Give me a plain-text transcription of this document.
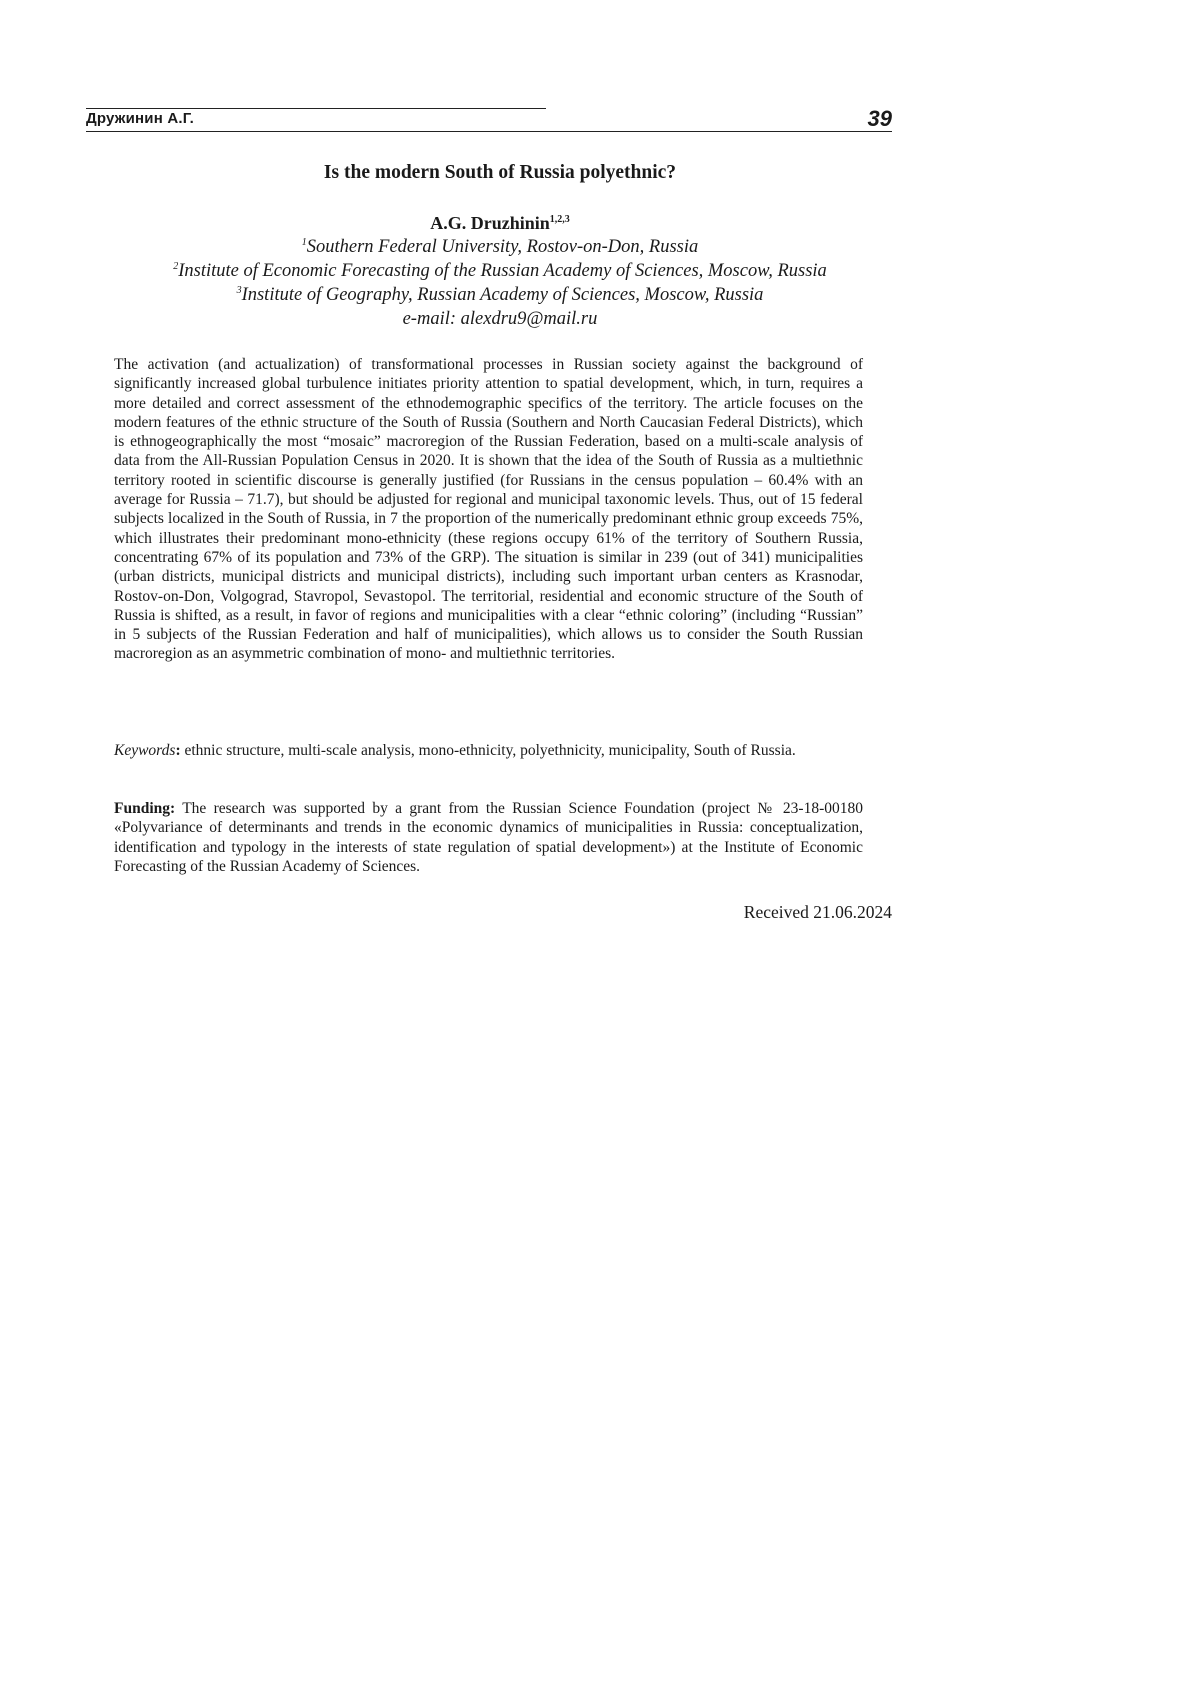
Дружинин А.Г.	39
Is the modern South of Russia polyethnic?
A.G. Druzhinin$^{1,2,3}$
$^1$Southern Federal University, Rostov-on-Don, Russia
$^2$Institute of Economic Forecasting of the Russian Academy of Sciences, Moscow, Russia
$^3$Institute of Geography, Russian Academy of Sciences, Moscow, Russia
e-mail: alexdru9@mail.ru

The activation (and actualization) of transformational processes in Russian society against the background of significantly increased global turbulence initiates priority attention to spatial development, which, in turn, requires a more detailed and correct assessment of the ethnodemographic specifics of the territory. The article focuses on the modern features of the ethnic structure of the South of Russia (Southern and North Caucasian Federal Districts), which is ethnogeographically the most “mosaic” macroregion of the Russian Federation, based on a multi-scale analysis of data from the All-Russian Population Census in 2020. It is shown that the idea of the South of Russia as a multiethnic territory rooted in scientific discourse is generally justified (for Russians in the census population – 60.4% with an average for Russia – 71.7), but should be adjusted for regional and municipal taxonomic levels. Thus, out of 15 federal subjects localized in the South of Russia, in 7 the proportion of the numerically predominant ethnic group exceeds 75%, which illustrates their predominant mono-ethnicity (these regions occupy 61% of the territory of Southern Russia, concentrating 67% of its population and 73% of the GRP). The situation is similar in 239 (out of 341) municipalities (urban districts, municipal districts and municipal districts), including such important urban centers as Krasnodar, Rostov-on-Don, Volgograd, Stavropol, Sevastopol. The territorial, residential and economic structure of the South of Russia is shifted, as a result, in favor of regions and municipalities with a clear “ethnic coloring” (including “Russian” in 5 subjects of the Russian Federation and half of municipalities), which allows us to consider the South Russian macroregion as an asymmetric combination of mono- and multiethnic territories.

Keywords: ethnic structure, multi-scale analysis, mono-ethnicity, polyethnicity, municipality, South of Russia.

Funding: The research was supported by a grant from the Russian Science Foundation (project № 23-18-00180 «Polyvariance of determinants and trends in the economic dynamics of municipalities in Russia: conceptualization, identification and typology in the interests of state regulation of spatial development») at the Institute of Economic Forecasting of the Russian Academy of Sciences.

Received 21.06.2024
